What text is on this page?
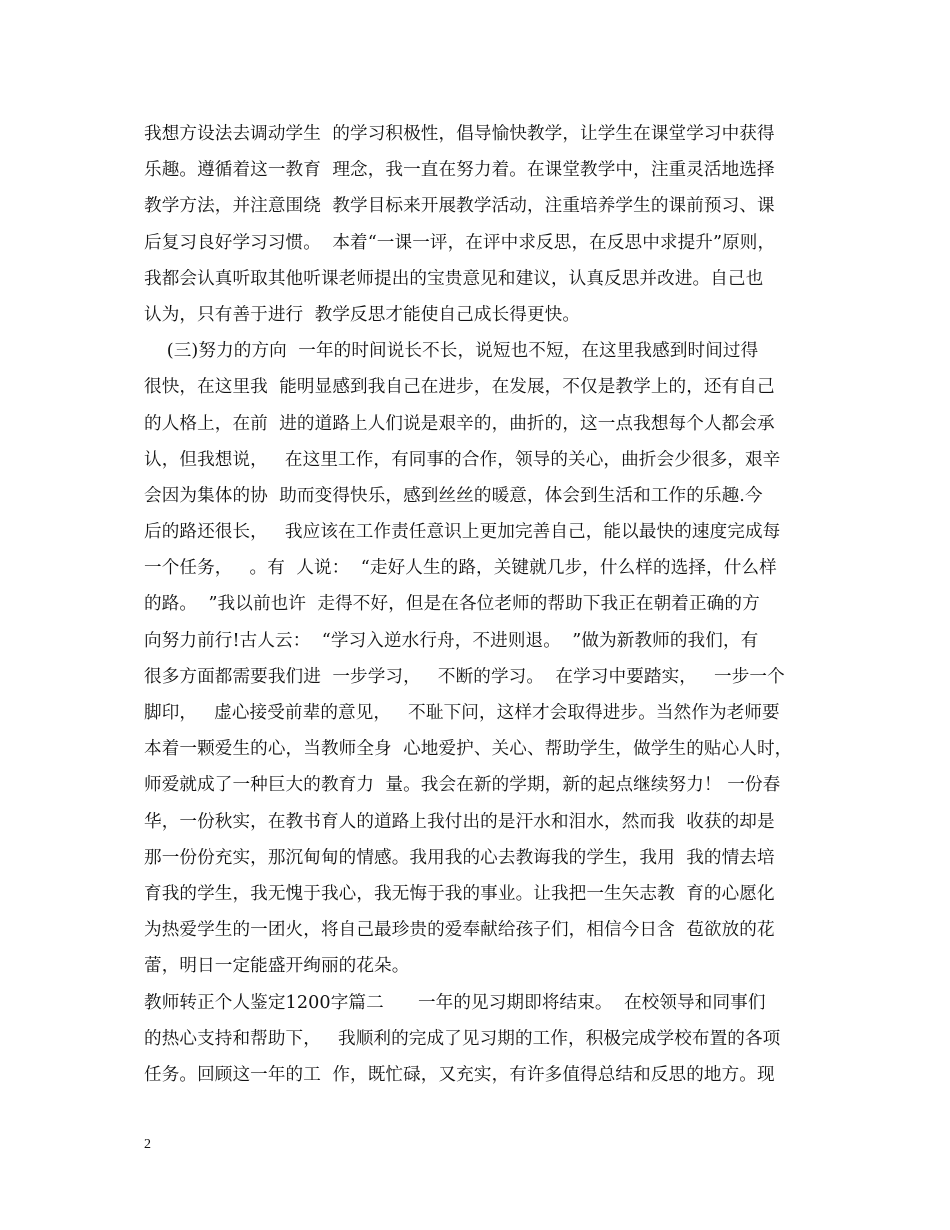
我想方设法去调动学生  的学习积极性，倡导愉快教学，让学生在课堂学习中获得
乐趣。遵循着这一教育  理念，我一直在努力着。在课堂教学中，注重灵活地选择
教学方法，并注意围绕  教学目标来开展教学活动，注重培养学生的课前预习、课
后复习良好学习习惯。  本着“一课一评，在评中求反思，在反思中求提升”原则，
我都会认真听取其他听课老师提出的宝贵意见和建议，认真反思并改进。自己也
认为，只有善于进行  教学反思才能使自己成长得更快。
(三)努力的方向  一年的时间说长不长，说短也不短，在这里我感到时间过得
很快，在这里我  能明显感到我自己在进步，在发展，不仅是教学上的，还有自己
的人格上，在前  进的道路上人们说是艰辛的，曲折的，这一点我想每个人都会承
认，但我想说，   在这里工作，有同事的合作，领导的关心，曲折会少很多，艰辛
会因为集体的协  助而变得快乐，感到丝丝的暖意，体会到生活和工作的乐趣.今
后的路还很长，   我应该在工作责任意识上更加完善自己，能以最快的速度完成每
一个任务，   。有  人说：  “走好人生的路，关键就几步，什么样的选择，什么样
的路。  ”我以前也许  走得不好，但是在各位老师的帮助下我正在朝着正确的方
向努力前行!古人云：  “学习入逆水行舟，不进则退。  ”做为新教师的我们，有
很多方面都需要我们进  一步学习，   不断的学习。  在学习中要踏实，   一步一个
脚印，   虚心接受前辈的意见，   不耻下问，这样才会取得进步。当然作为老师要
本着一颗爱生的心，当教师全身  心地爱护、关心、帮助学生，做学生的贴心人时，
师爱就成了一种巨大的教育力  量。我会在新的学期，新的起点继续努力！ 一份春
华，一份秋实，在教书育人的道路上我付出的是汗水和泪水，然而我  收获的却是
那一份份充实，那沉甸甸的情感。我用我的心去教诲我的学生，我用  我的情去培
育我的学生，我无愧于我心，我无悔于我的事业。让我把一生矢志教  育的心愿化
为热爱学生的一团火，将自己最珍贵的爱奉献给孩子们，相信今日含  苞欲放的花
蕾，明日一定能盛开绚丽的花朵。
教师转正个人鉴定1200字篇二      一年的见习期即将结束。  在校领导和同事们
的热心支持和帮助下，   我顺利的完成了见习期的工作，积极完成学校布置的各项
任务。回顾这一年的工  作，既忙碌，又充实，有许多值得总结和反思的地方。现
2
